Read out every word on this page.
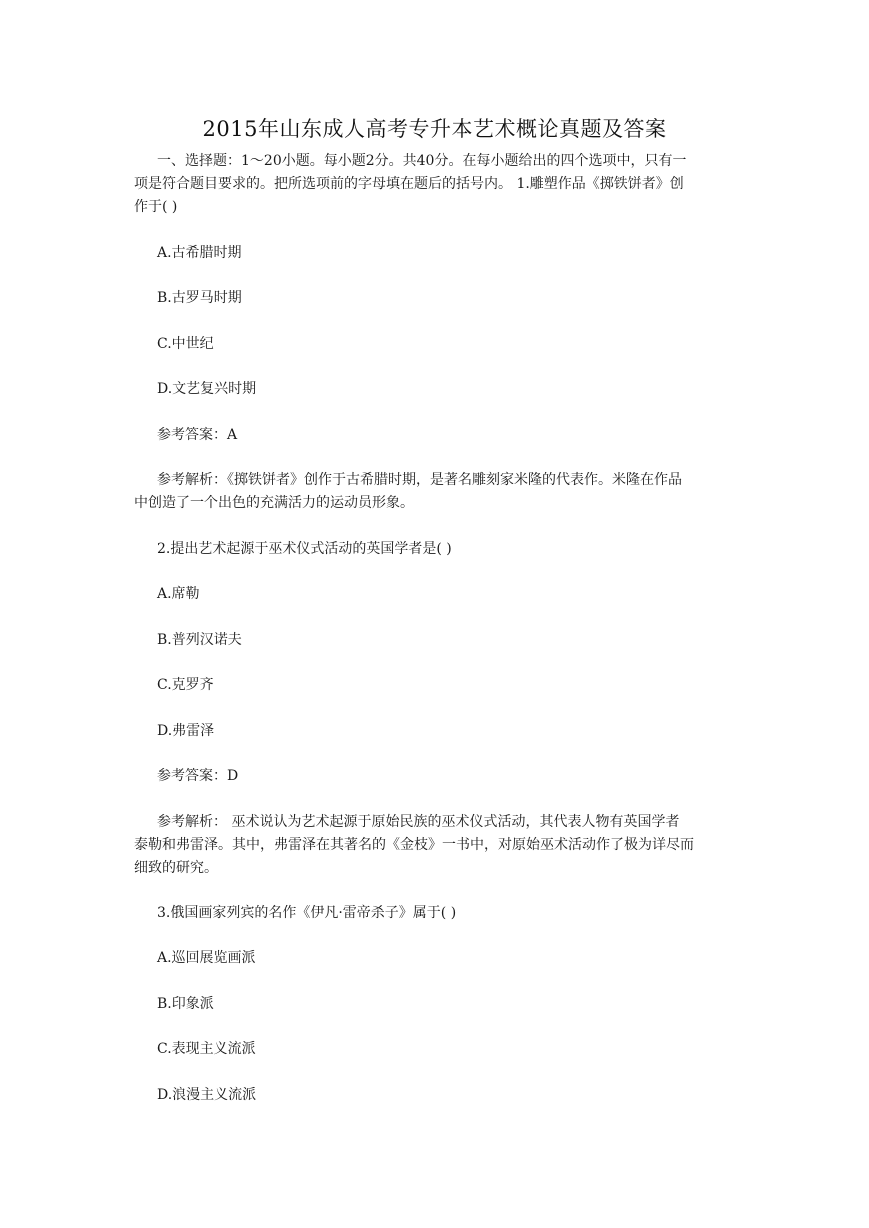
2015年山东成人高考专升本艺术概论真题及答案
一、选择题：1～20小题。每小题2分。共40分。在每小题给出的四个选项中，只有一
项是符合题目要求的。把所选项前的字母填在题后的括号内。 1.雕塑作品《掷铁饼者》创
作于( )
A.古希腊时期
B.古罗马时期
C.中世纪
D.文艺复兴时期
参考答案：A
参考解析：《掷铁饼者》创作于古希腊时期，是著名雕刻家米隆的代表作。米隆在作品
中创造了一个出色的充满活力的运动员形象。
2.提出艺术起源于巫术仪式活动的英国学者是( )
A.席勒
B.普列汉诺夫
C.克罗齐
D.弗雷泽
参考答案：D
参考解析： 巫术说认为艺术起源于原始民族的巫术仪式活动，其代表人物有英国学者
泰勒和弗雷泽。其中，弗雷泽在其著名的《金枝》一书中，对原始巫术活动作了极为详尽而
细致的研究。
3.俄国画家列宾的名作《伊凡·雷帝杀子》属于( )
A.巡回展览画派
B.印象派
C.表现主义流派
D.浪漫主义流派
